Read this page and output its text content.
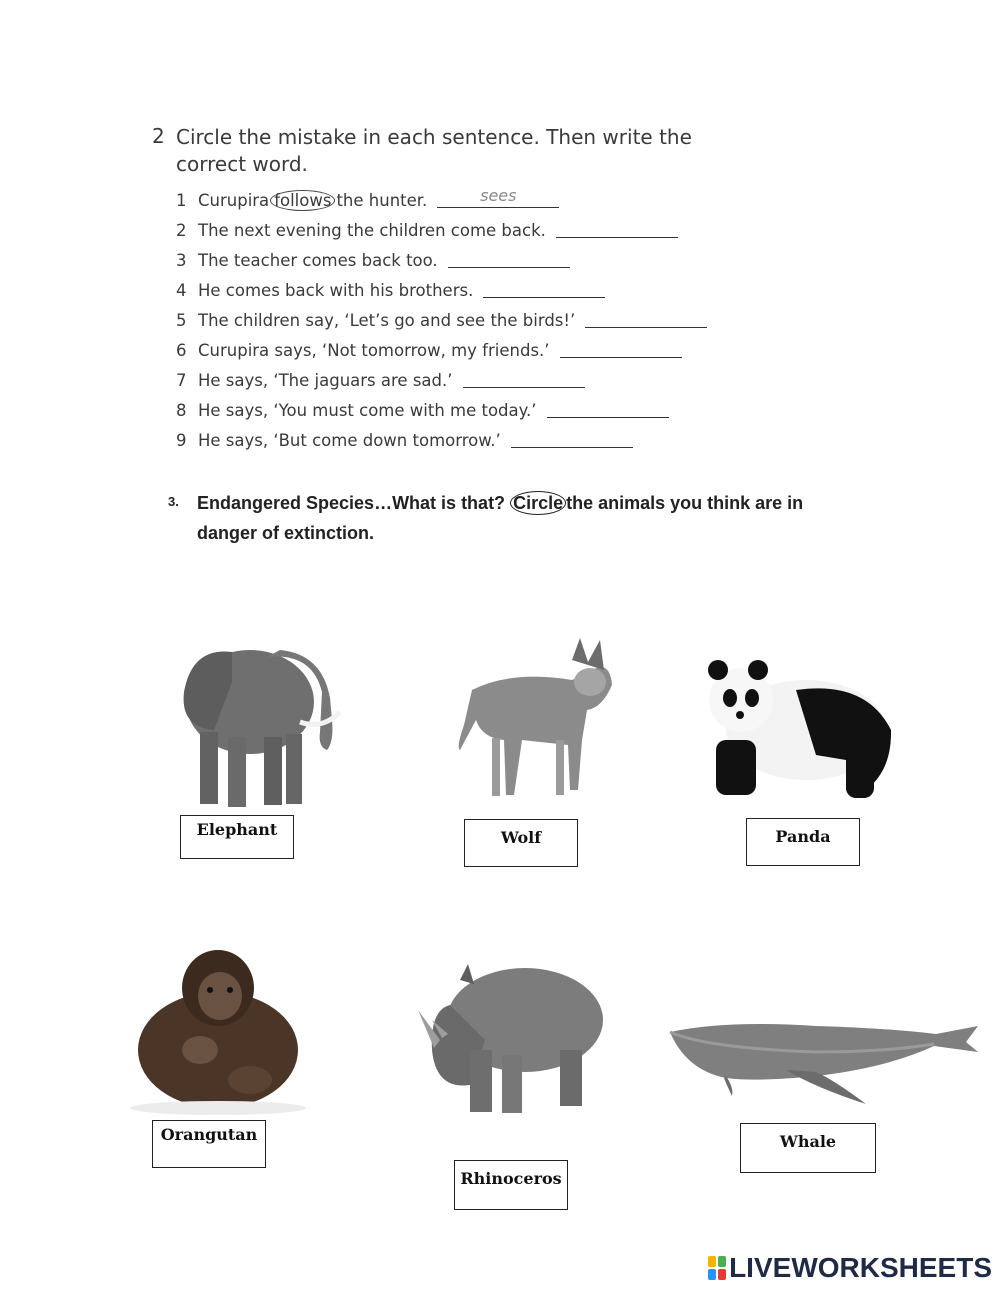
2 Circle the mistake in each sentence. Then write the correct word.
1 Curupira follows the hunter.
sees
2 The next evening the children come back.
3 The teacher comes back too.
4 He comes back with his brothers.
5 The children say, ‘Let’s go and see the birds!’
6 Curupira says, ‘Not tomorrow, my friends.’
7 He says, ‘The jaguars are sad.’
8 He says, ‘You must come with me today.’
9 He says, ‘But come down tomorrow.’
3. Endangered Species…What is that? Circle the animals you think are in danger of extinction.
Elephant	Wolf	Panda
Orangutan
Rhinoceros
Whale
LIVEWORKSHEETS
